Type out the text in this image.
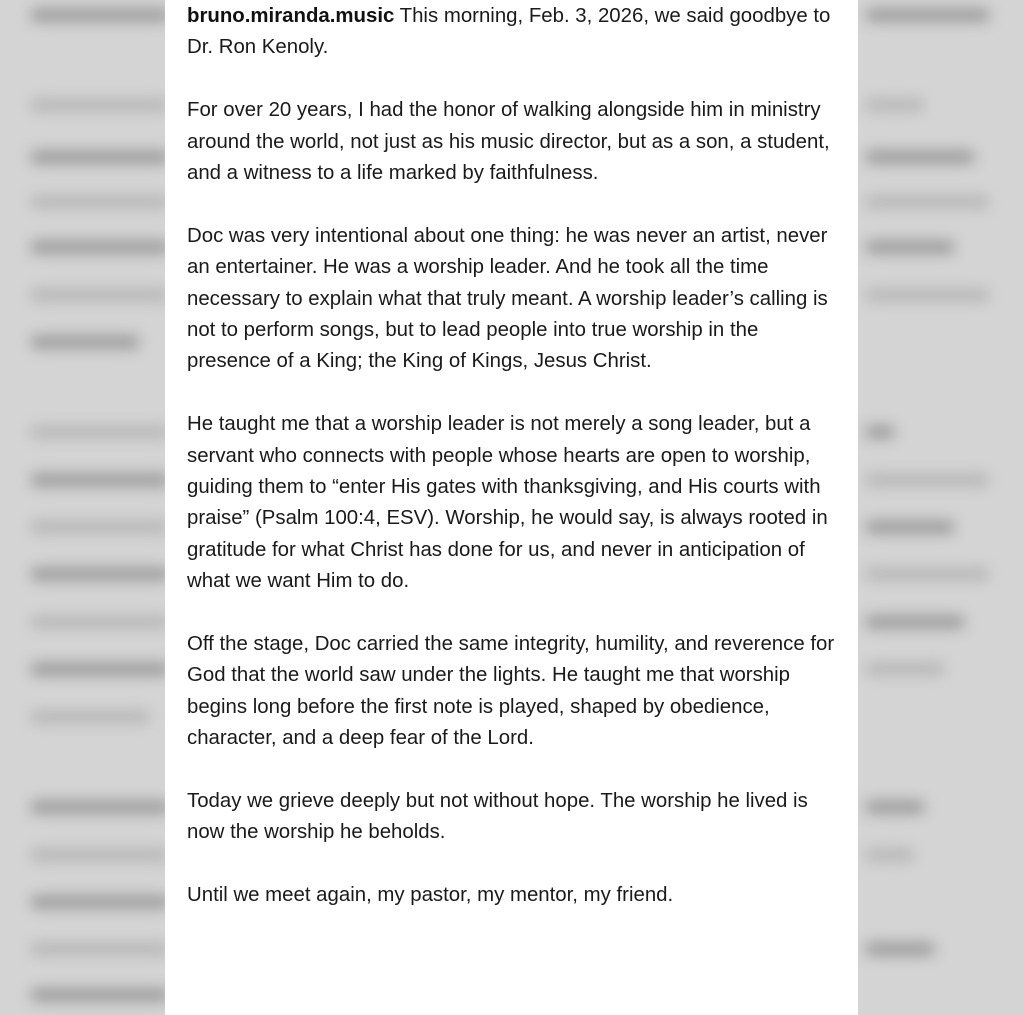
bruno.miranda.music This morning, Feb. 3, 2026, we said goodbye to Dr. Ron Kenoly.

For over 20 years, I had the honor of walking alongside him in ministry around the world, not just as his music director, but as a son, a student, and a witness to a life marked by faithfulness.

Doc was very intentional about one thing: he was never an artist, never an entertainer. He was a worship leader. And he took all the time necessary to explain what that truly meant. A worship leader’s calling is not to perform songs, but to lead people into true worship in the presence of a King; the King of Kings, Jesus Christ.

He taught me that a worship leader is not merely a song leader, but a servant who connects with people whose hearts are open to worship, guiding them to “enter His gates with thanksgiving, and His courts with praise” (Psalm 100:4, ESV). Worship, he would say, is always rooted in gratitude for what Christ has done for us, and never in anticipation of what we want Him to do.

Off the stage, Doc carried the same integrity, humility, and reverence for God that the world saw under the lights. He taught me that worship begins long before the first note is played, shaped by obedience, character, and a deep fear of the Lord.

Today we grieve deeply but not without hope. The worship he lived is now the worship he beholds.

Until we meet again, my pastor, my mentor, my friend.
